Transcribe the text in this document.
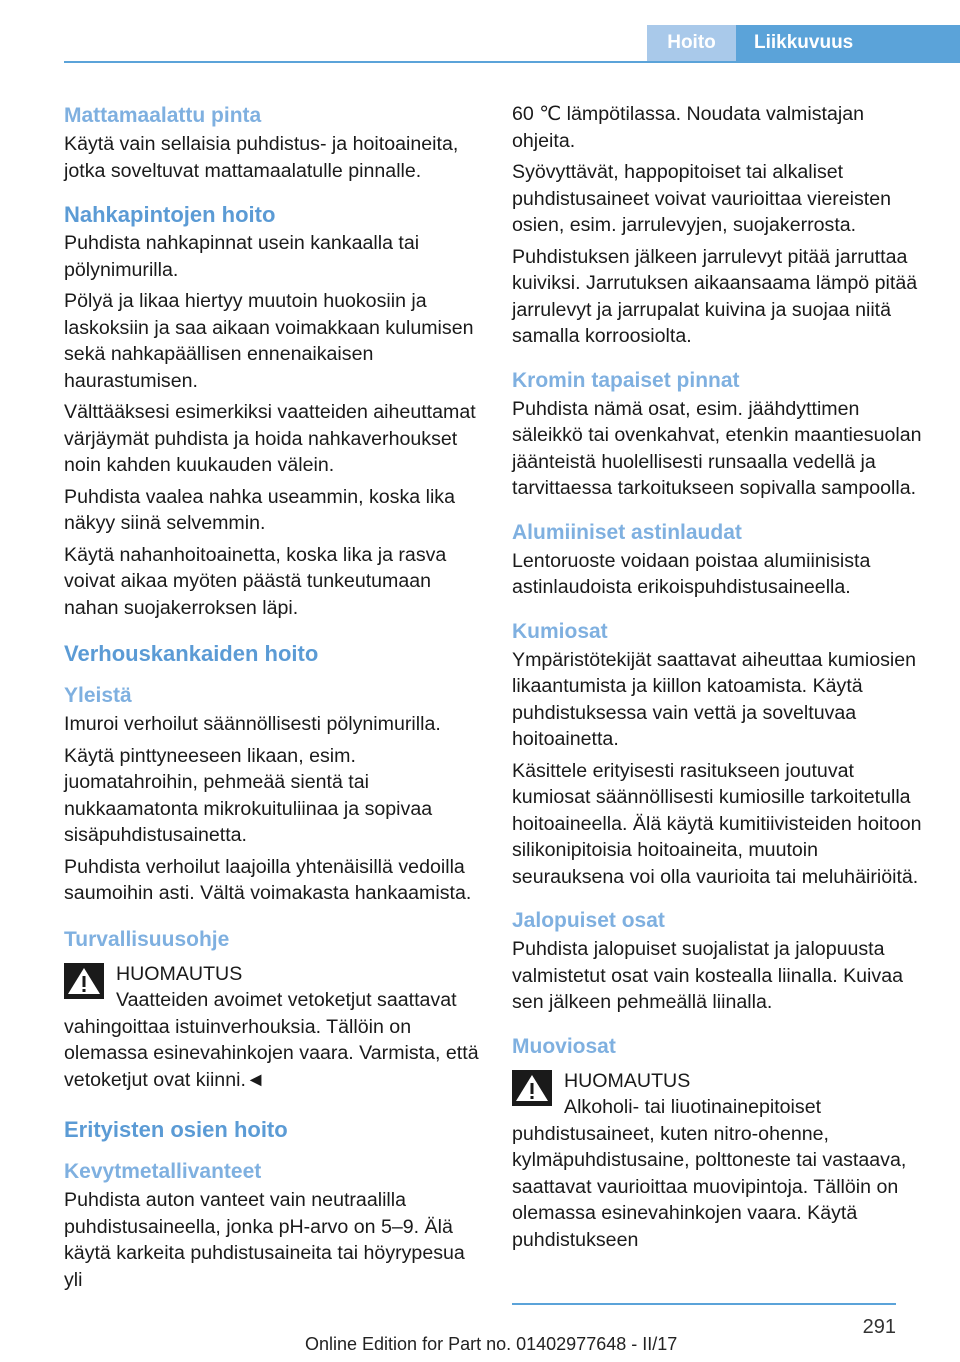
Hoito	Liikkuvuus
Mattamaalattu pinta

Käytä vain sellaisia puhdistus- ja hoitoaineita, jotka soveltuvat mattamaalatulle pinnalle.

Nahkapintojen hoito

Puhdista nahkapinnat usein kankaalla tai pölynimurilla.

Pölyä ja likaa hiertyy muutoin huokosiin ja laskoksiin ja saa aikaan voimakkaan kulumisen sekä nahkapäällisen ennenaikaisen haurastumisen.

Välttääksesi esimerkiksi vaatteiden aiheuttamat värjäymät puhdista ja hoida nahkaverhoukset noin kahden kuukauden välein.

Puhdista vaalea nahka useammin, koska lika näkyy siinä selvemmin.

Käytä nahanhoitoainetta, koska lika ja rasva voivat aikaa myöten päästä tunkeutumaan nahan suojakerroksen läpi.

Verhouskankaiden hoito
Yleistä

Imuroi verhoilut säännöllisesti pölynimurilla.

Käytä pinttyneeseen likaan, esim. juomatahroihin, pehmeää sientä tai nukkaamatonta mikrokuituliinaa ja sopivaa sisäpuhdistusainetta.

Puhdista verhoilut laajoilla yhtenäisillä vedoilla saumoihin asti. Vältä voimakasta hankaamista.

Turvallisuusohje
HUOMAUTUS

Vaatteiden avoimet vetoketjut saattavat vahingoittaa istuinverhouksia. Tällöin on olemassa esinevahinkojen vaara. Varmista, että vetoketjut ovat kiinni.◄

Erityisten osien hoito
Kevytmetallivanteet

Puhdista auton vanteet vain neutraalilla puhdistusaineella, jonka pH-arvo on 5–9. Älä käytä karkeita puhdistusaineita tai höyrypesua yli

60 ℃ lämpötilassa. Noudata valmistajan ohjeita.

Syövyttävät, happopitoiset tai alkaliset puhdistusaineet voivat vaurioittaa viereisten osien, esim. jarrulevyjen, suojakerrosta.

Puhdistuksen jälkeen jarrulevyt pitää jarruttaa kuiviksi. Jarrutuksen aikaansaama lämpö pitää jarrulevyt ja jarrupalat kuivina ja suojaa niitä samalla korroosiolta.

Kromin tapaiset pinnat

Puhdista nämä osat, esim. jäähdyttimen säleikkö tai ovenkahvat, etenkin maantiesuolan jäänteistä huolellisesti runsaalla vedellä ja tarvittaessa tarkoitukseen sopivalla sampoolla.

Alumiiniset astinlaudat

Lentoruoste voidaan poistaa alumiinisista astinlaudoista erikoispuhdistusaineella.

Kumiosat

Ympäristötekijät saattavat aiheuttaa kumiosien likaantumista ja kiillon katoamista. Käytä puhdistuksessa vain vettä ja soveltuvaa hoitoainetta.

Käsittele erityisesti rasitukseen joutuvat kumiosat säännöllisesti kumiosille tarkoitetulla hoitoaineella. Älä käytä kumitiivisteiden hoitoon silikonipitoisia hoitoaineita, muutoin seurauksena voi olla vaurioita tai meluhäiriöitä.

Jalopuiset osat

Puhdista jalopuiset suojalistat ja jalopuusta valmistetut osat vain kostealla liinalla. Kuivaa sen jälkeen pehmeällä liinalla.

Muoviosat
HUOMAUTUS

Alkoholi- tai liuotinainepitoiset puhdistusaineet, kuten nitro-ohenne, kylmäpuhdistusaine, polttoneste tai vastaava, saattavat vaurioittaa muovipintoja. Tällöin on olemassa esinevahinkojen vaara. Käytä puhdistukseen

291
Online Edition for Part no. 01402977648 - II/17
